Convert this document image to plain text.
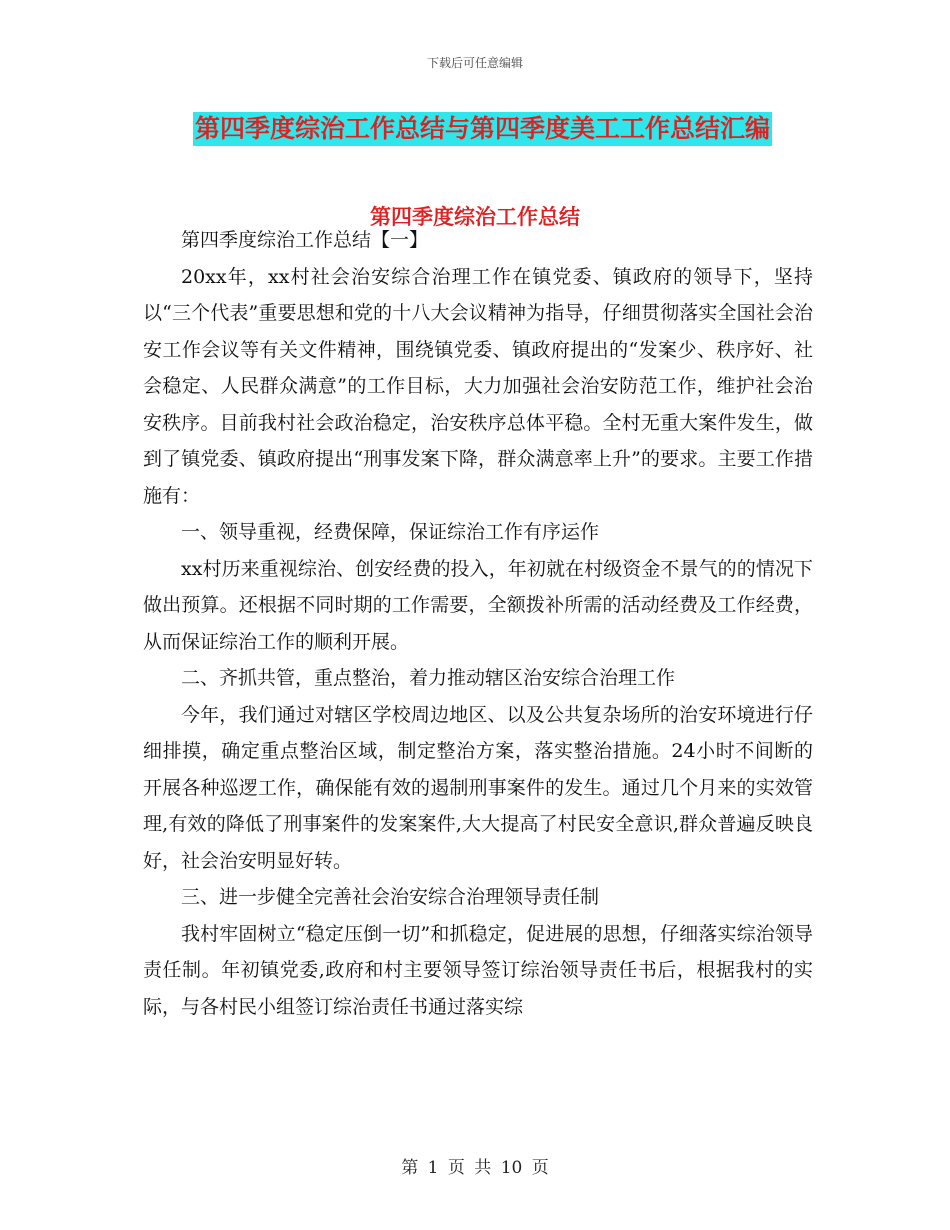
下载后可任意编辑
第四季度综治工作总结与第四季度美工工作总结汇编
第四季度综治工作总结

第四季度综治工作总结【一】

20xx年，xx村社会治安综合治理工作在镇党委、镇政府的领导下，坚持以“三个代表”重要思想和党的十八大会议精神为指导，仔细贯彻落实全国社会治安工作会议等有关文件精神，围绕镇党委、镇政府提出的“发案少、秩序好、社会稳定、人民群众满意”的工作目标，大力加强社会治安防范工作，维护社会治安秩序。目前我村社会政治稳定，治安秩序总体平稳。全村无重大案件发生，做到了镇党委、镇政府提出“刑事发案下降，群众满意率上升”的要求。主要工作措施有：

一、领导重视，经费保障，保证综治工作有序运作

xx村历来重视综治、创安经费的投入，年初就在村级资金不景气的的情况下做出预算。还根据不同时期的工作需要，全额拨补所需的活动经费及工作经费，从而保证综治工作的顺利开展。

二、齐抓共管，重点整治，着力推动辖区治安综合治理工作

今年，我们通过对辖区学校周边地区、以及公共复杂场所的治安环境进行仔细排摸，确定重点整治区域，制定整治方案，落实整治措施。24小时不间断的开展各种巡逻工作，确保能有效的遏制刑事案件的发生。通过几个月来的实效管理,有效的降低了刑事案件的发案案件,大大提高了村民安全意识,群众普遍反映良好，社会治安明显好转。

三、进一步健全完善社会治安综合治理领导责任制

我村牢固树立“稳定压倒一切”和抓稳定，促进展的思想，仔细落实综治领导责任制。年初镇党委,政府和村主要领导签订综治领导责任书后，根据我村的实际，与各村民小组签订综治责任书通过落实综

第 1 页 共 10 页
